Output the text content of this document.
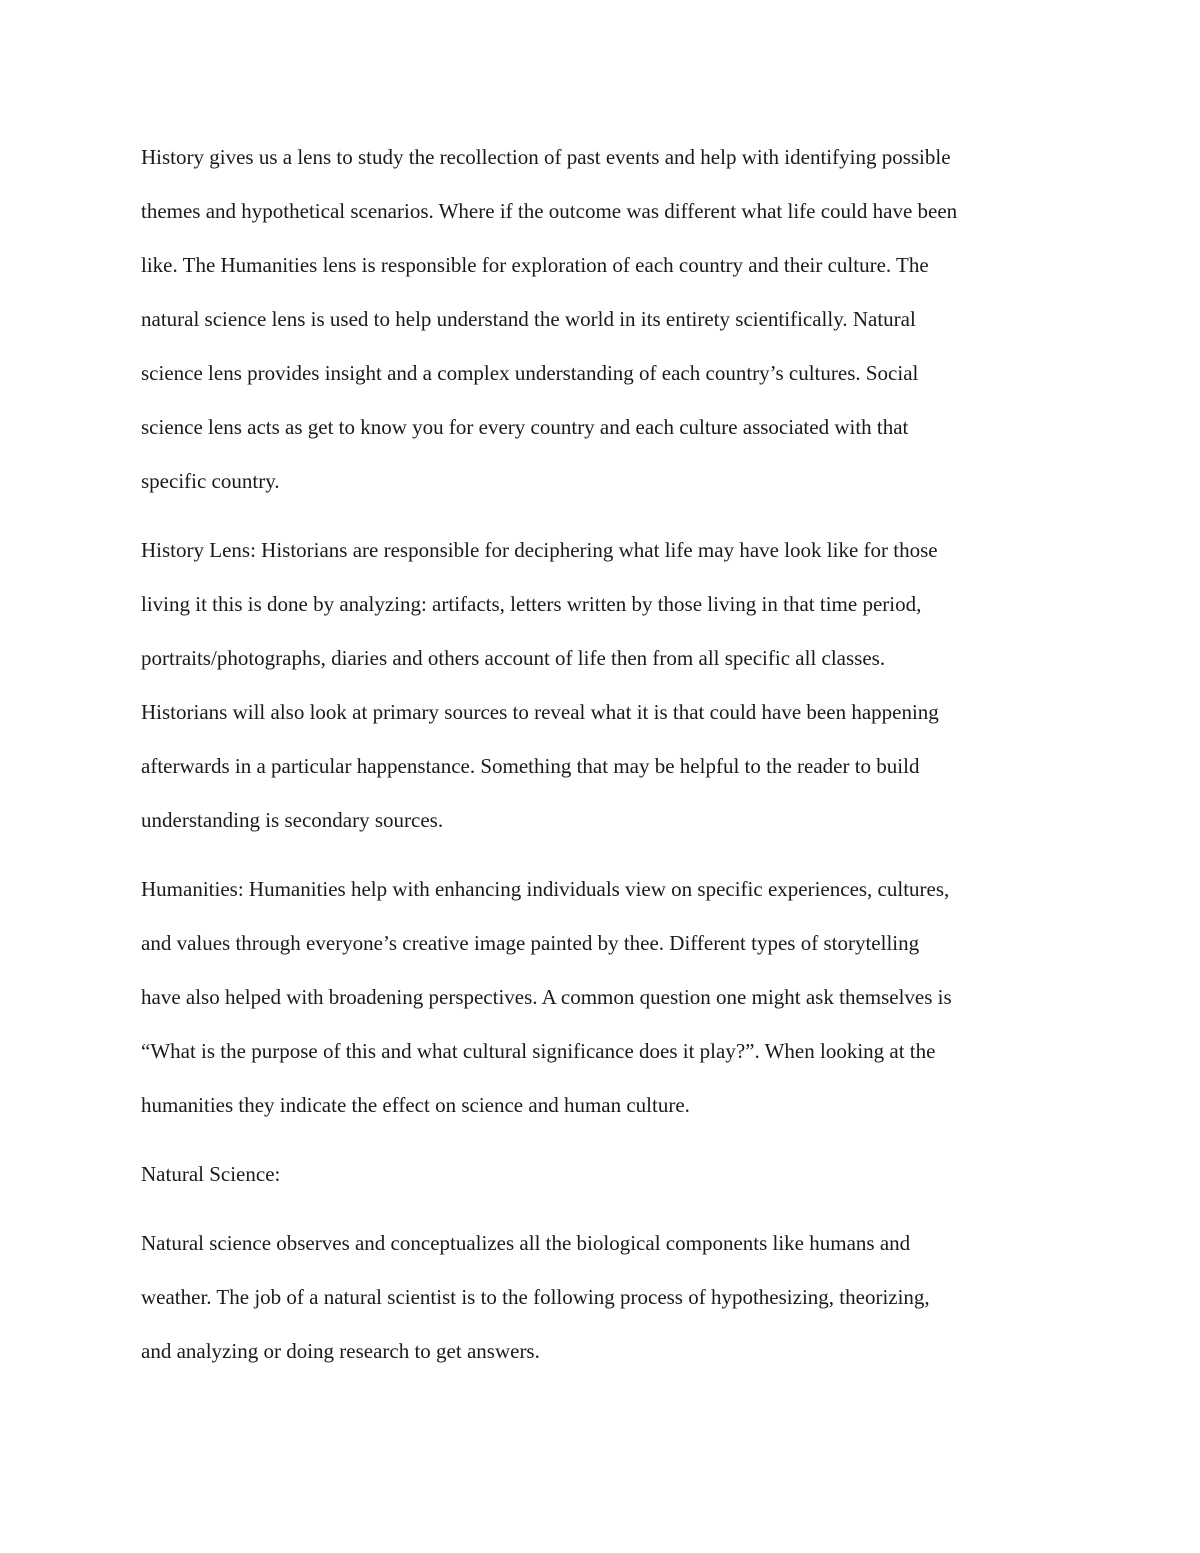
History gives us a lens to study the recollection of past events and help with identifying possible
themes and hypothetical scenarios. Where if the outcome was different what life could have been
like. The Humanities lens is responsible for exploration of each country and their culture. The
natural science lens is used to help understand the world in its entirety scientifically. Natural
science lens provides insight and a complex understanding of each country’s cultures. Social
science lens acts as get to know you for every country and each culture associated with that
specific country.

History Lens: Historians are responsible for deciphering what life may have look like for those
living it this is done by analyzing: artifacts, letters written by those living in that time period,
portraits/photographs, diaries and others account of life then from all specific all classes.
Historians will also look at primary sources to reveal what it is that could have been happening
afterwards in a particular happenstance. Something that may be helpful to the reader to build
understanding is secondary sources.

Humanities: Humanities help with enhancing individuals view on specific experiences, cultures,
and values through everyone’s creative image painted by thee. Different types of storytelling
have also helped with broadening perspectives. A common question one might ask themselves is
“What is the purpose of this and what cultural significance does it play?”. When looking at the
humanities they indicate the effect on science and human culture.

Natural Science:

Natural science observes and conceptualizes all the biological components like humans and
weather. The job of a natural scientist is to the following process of hypothesizing, theorizing,
and analyzing or doing research to get answers.
